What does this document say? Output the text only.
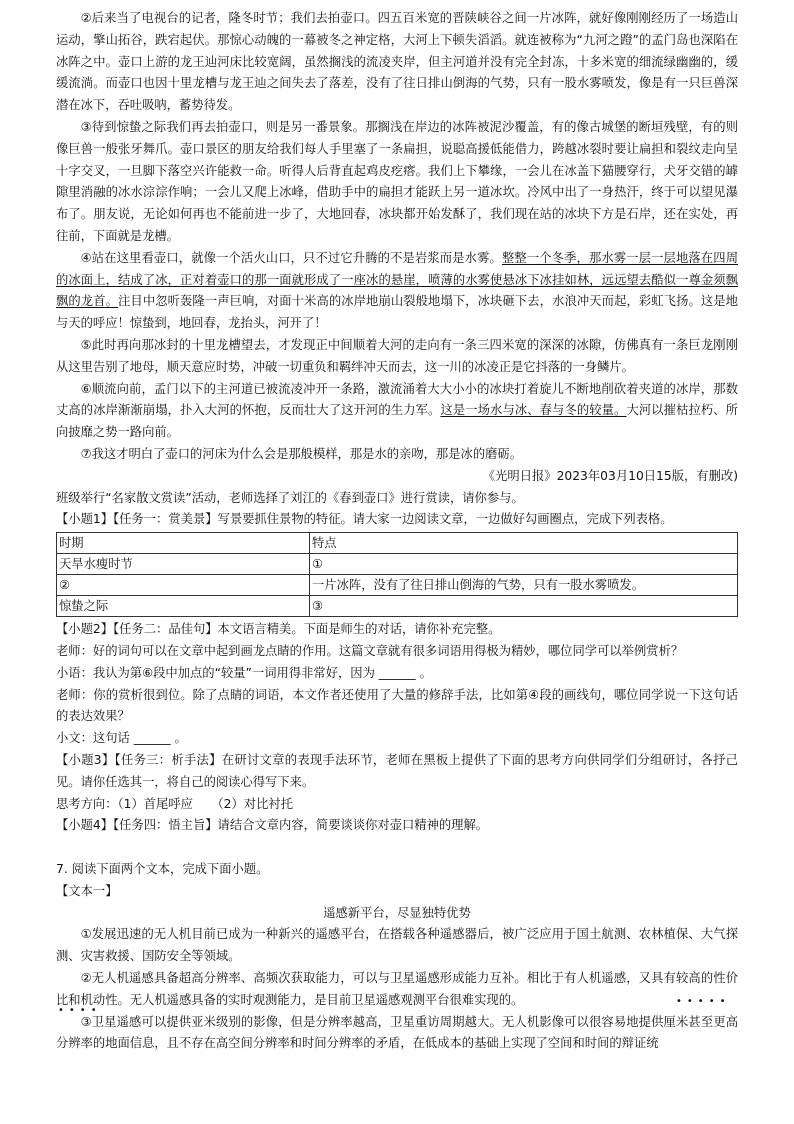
②后来当了电视台的记者，隆冬时节；我们去拍壶口。四五百米宽的晋陕峡谷之间一片冰阵，就好像刚刚经历了一场造山运动，擎山拓谷，跌宕起伏。那惊心动魄的一幕被冬之神定格，大河上下顿失滔滔。就连被称为“九河之蹬”的孟门岛也深陷在冰阵之中。壶口上游的龙王辿河床比较宽阔，虽然搁浅的流凌夹岸，但主河道并没有完全封冻，十多米宽的细流绿幽幽的，缓缓流淌。而壶口也因十里龙槽与龙王辿之间失去了落差，没有了往日排山倒海的气势，只有一股水雾喷发，像是有一只巨兽深潜在冰下，吞吐吸呐，蓄势待发。

③待到惊蛰之际我们再去拍壶口，则是另一番景象。那搁浅在岸边的冰阵被泥沙覆盖，有的像古城堡的断垣残壁，有的则像巨兽一般张牙舞爪。壶口景区的朋友给我们每人手里塞了一条扁担，说聪高援低能借力，跨越冰裂时要让扁担和裂纹走向呈十字交叉，一旦脚下落空兴许能救一命。听得人后背直起鸡皮疙瘩。我们上下攀缘，一会儿在冰盖下猫腰穿行，犬牙交错的罅隙里消融的冰水淙淙作响；一会儿又爬上冰峰，借助手中的扁担才能跃上另一道冰坎。冷风中出了一身热汗，终于可以望见瀑布了。朋友说，无论如何再也不能前进一步了，大地回春，冰块都开始发酥了，我们现在站的冰块下方是石岸，还在实处，再往前，下面就是龙槽。

④站在这里看壶口，就像一个活火山口，只不过它升腾的不是岩浆而是水雾。整整一个冬季，那水雾一层一层地落在四周的冰面上，结成了冰，正对着壶口的那一面就形成了一座冰的悬崖，喷薄的水雾使悬冰下冰挂如林，远远望去酷似一尊金须飘飘的龙首。注目中忽听轰隆一声巨响，对面十米高的冰岸地崩山裂般地塌下，冰块砸下去，水浪冲天而起，彩虹飞扬。这是地与天的呼应！惊蛰到，地回春，龙抬头，河开了！

⑤此时再向那冰封的十里龙槽望去，才发现正中间顺着大河的走向有一条三四米宽的深深的冰隙，仿佛真有一条巨龙刚刚从这里告别了地母，顺天意应时势，冲破一切重负和羁绊冲天而去，这一川的冰凌正是它抖落的一身鳞片。

⑥顺流向前，孟门以下的主河道已被流凌冲开一条路，激流涌着大大小小的冰块打着旋儿不断地削砍着夹道的冰岸，那数丈高的冰岸渐渐崩塌，扑入大河的怀抱，反而壮大了这开河的生力军。这是一场水与冰、春与冬的较量。大河以摧枯拉朽、所向披靡之势一路向前。

⑦我这才明白了壶口的河床为什么会是那般模样，那是水的亲吻，那是冰的磨砺。

《光明日报》2023年03月10日15版，有删改)

班级举行“名家散文赏读”活动，老师选择了刘江的《春到壶口》进行赏读，请你参与。

【小题1】【任务一：赏美景】写景要抓住景物的特征。请大家一边阅读文章，一边做好勾画圈点，完成下列表格。

时期	特点
天旱水瘦时节	①
②	一片冰阵，没有了往日排山倒海的气势，只有一股水雾喷发。
惊蛰之际	③

【小题2】【任务二：品佳句】本文语言精美。下面是师生的对话，请你补充完整。

老师：好的词句可以在文章中起到画龙点睛的作用。这篇文章就有很多词语用得极为精妙，哪位同学可以举例赏析？

小语：我认为第⑥段中加点的“较量”一词用得非常好，因为 ______ 。

老师：你的赏析很到位。除了点睛的词语，本文作者还使用了大量的修辞手法，比如第④段的画线句，哪位同学说一下这句话的表达效果？

小文：这句话 ______ 。

【小题3】【任务三：析手法】在研讨文章的表现手法环节，老师在黑板上提供了下面的思考方向供同学们分组研讨，各抒己见。请你任选其一，将自己的阅读心得写下来。

思考方向：（1）首尾呼应　　（2）对比衬托

【小题4】【任务四：悟主旨】请结合文章内容，简要谈谈你对壶口精神的理解。

7. 阅读下面两个文本，完成下面小题。

【文本一】

遥感新平台，尽显独特优势

①发展迅速的无人机目前已成为一种新兴的遥感平台，在搭载各种遥感器后，被广泛应用于国土航测、农林植保、大气探测、灾害救援、国防安全等领域。

②无人机遥感具备超高分辨率、高频次获取能力，可以与卫星遥感形成能力互补。相比于有人机遥感，又具有较高的性价比和机动性。无人机遥感具备的实时观测能力，是目前卫星遥感观测平台很难实现的。	•••••
••••

③卫星遥感可以提供亚米级别的影像，但是分辨率越高，卫星重访周期越大。无人机影像可以很容易地提供厘米甚至更高分辨率的地面信息，且不存在高空间分辨率和时间分辨率的矛盾，在低成本的基础上实现了空间和时间的辩证统
